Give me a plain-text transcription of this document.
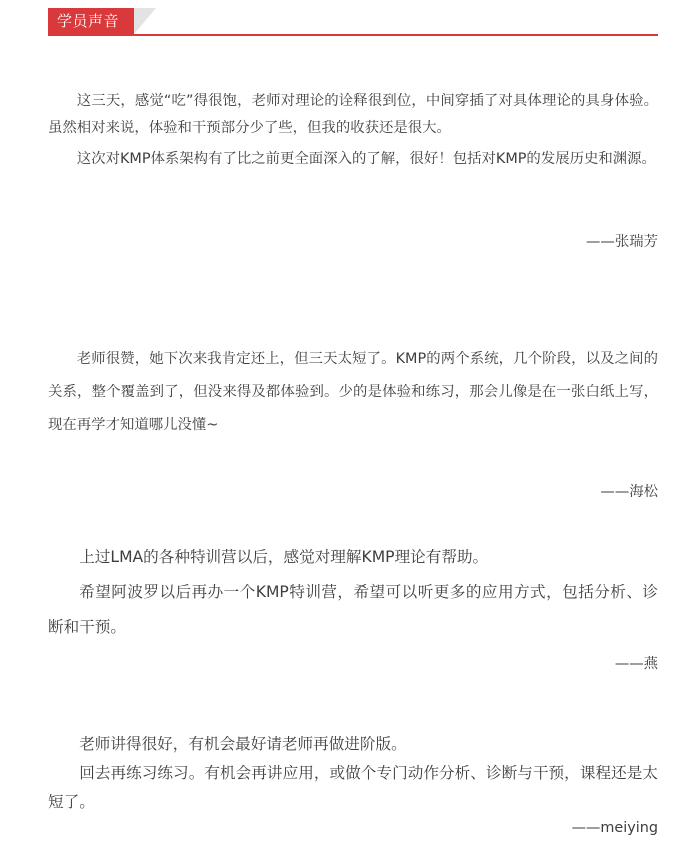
学员声音

这三天，感觉“吃”得很饱，老师对理论的诠释很到位，中间穿插了对具体理论的具身体验。虽然相对来说，体验和干预部分少了些，但我的收获还是很大。

这次对KMP体系架构有了比之前更全面深入的了解，很好！包括对KMP的发展历史和渊源。

——张瑞芳

老师很赞，她下次来我肯定还上，但三天太短了。KMP的两个系统，几个阶段，以及之间的关系，整个覆盖到了，但没来得及都体验到。少的是体验和练习，那会儿像是在一张白纸上写，现在再学才知道哪儿没懂~

——海松

上过LMA的各种特训营以后，感觉对理解KMP理论有帮助。

希望阿波罗以后再办一个KMP特训营，希望可以听更多的应用方式，包括分析、诊断和干预。

——燕

老师讲得很好，有机会最好请老师再做进阶版。

回去再练习练习。有机会再讲应用，或做个专门动作分析、诊断与干预，课程还是太短了。

——meiying
